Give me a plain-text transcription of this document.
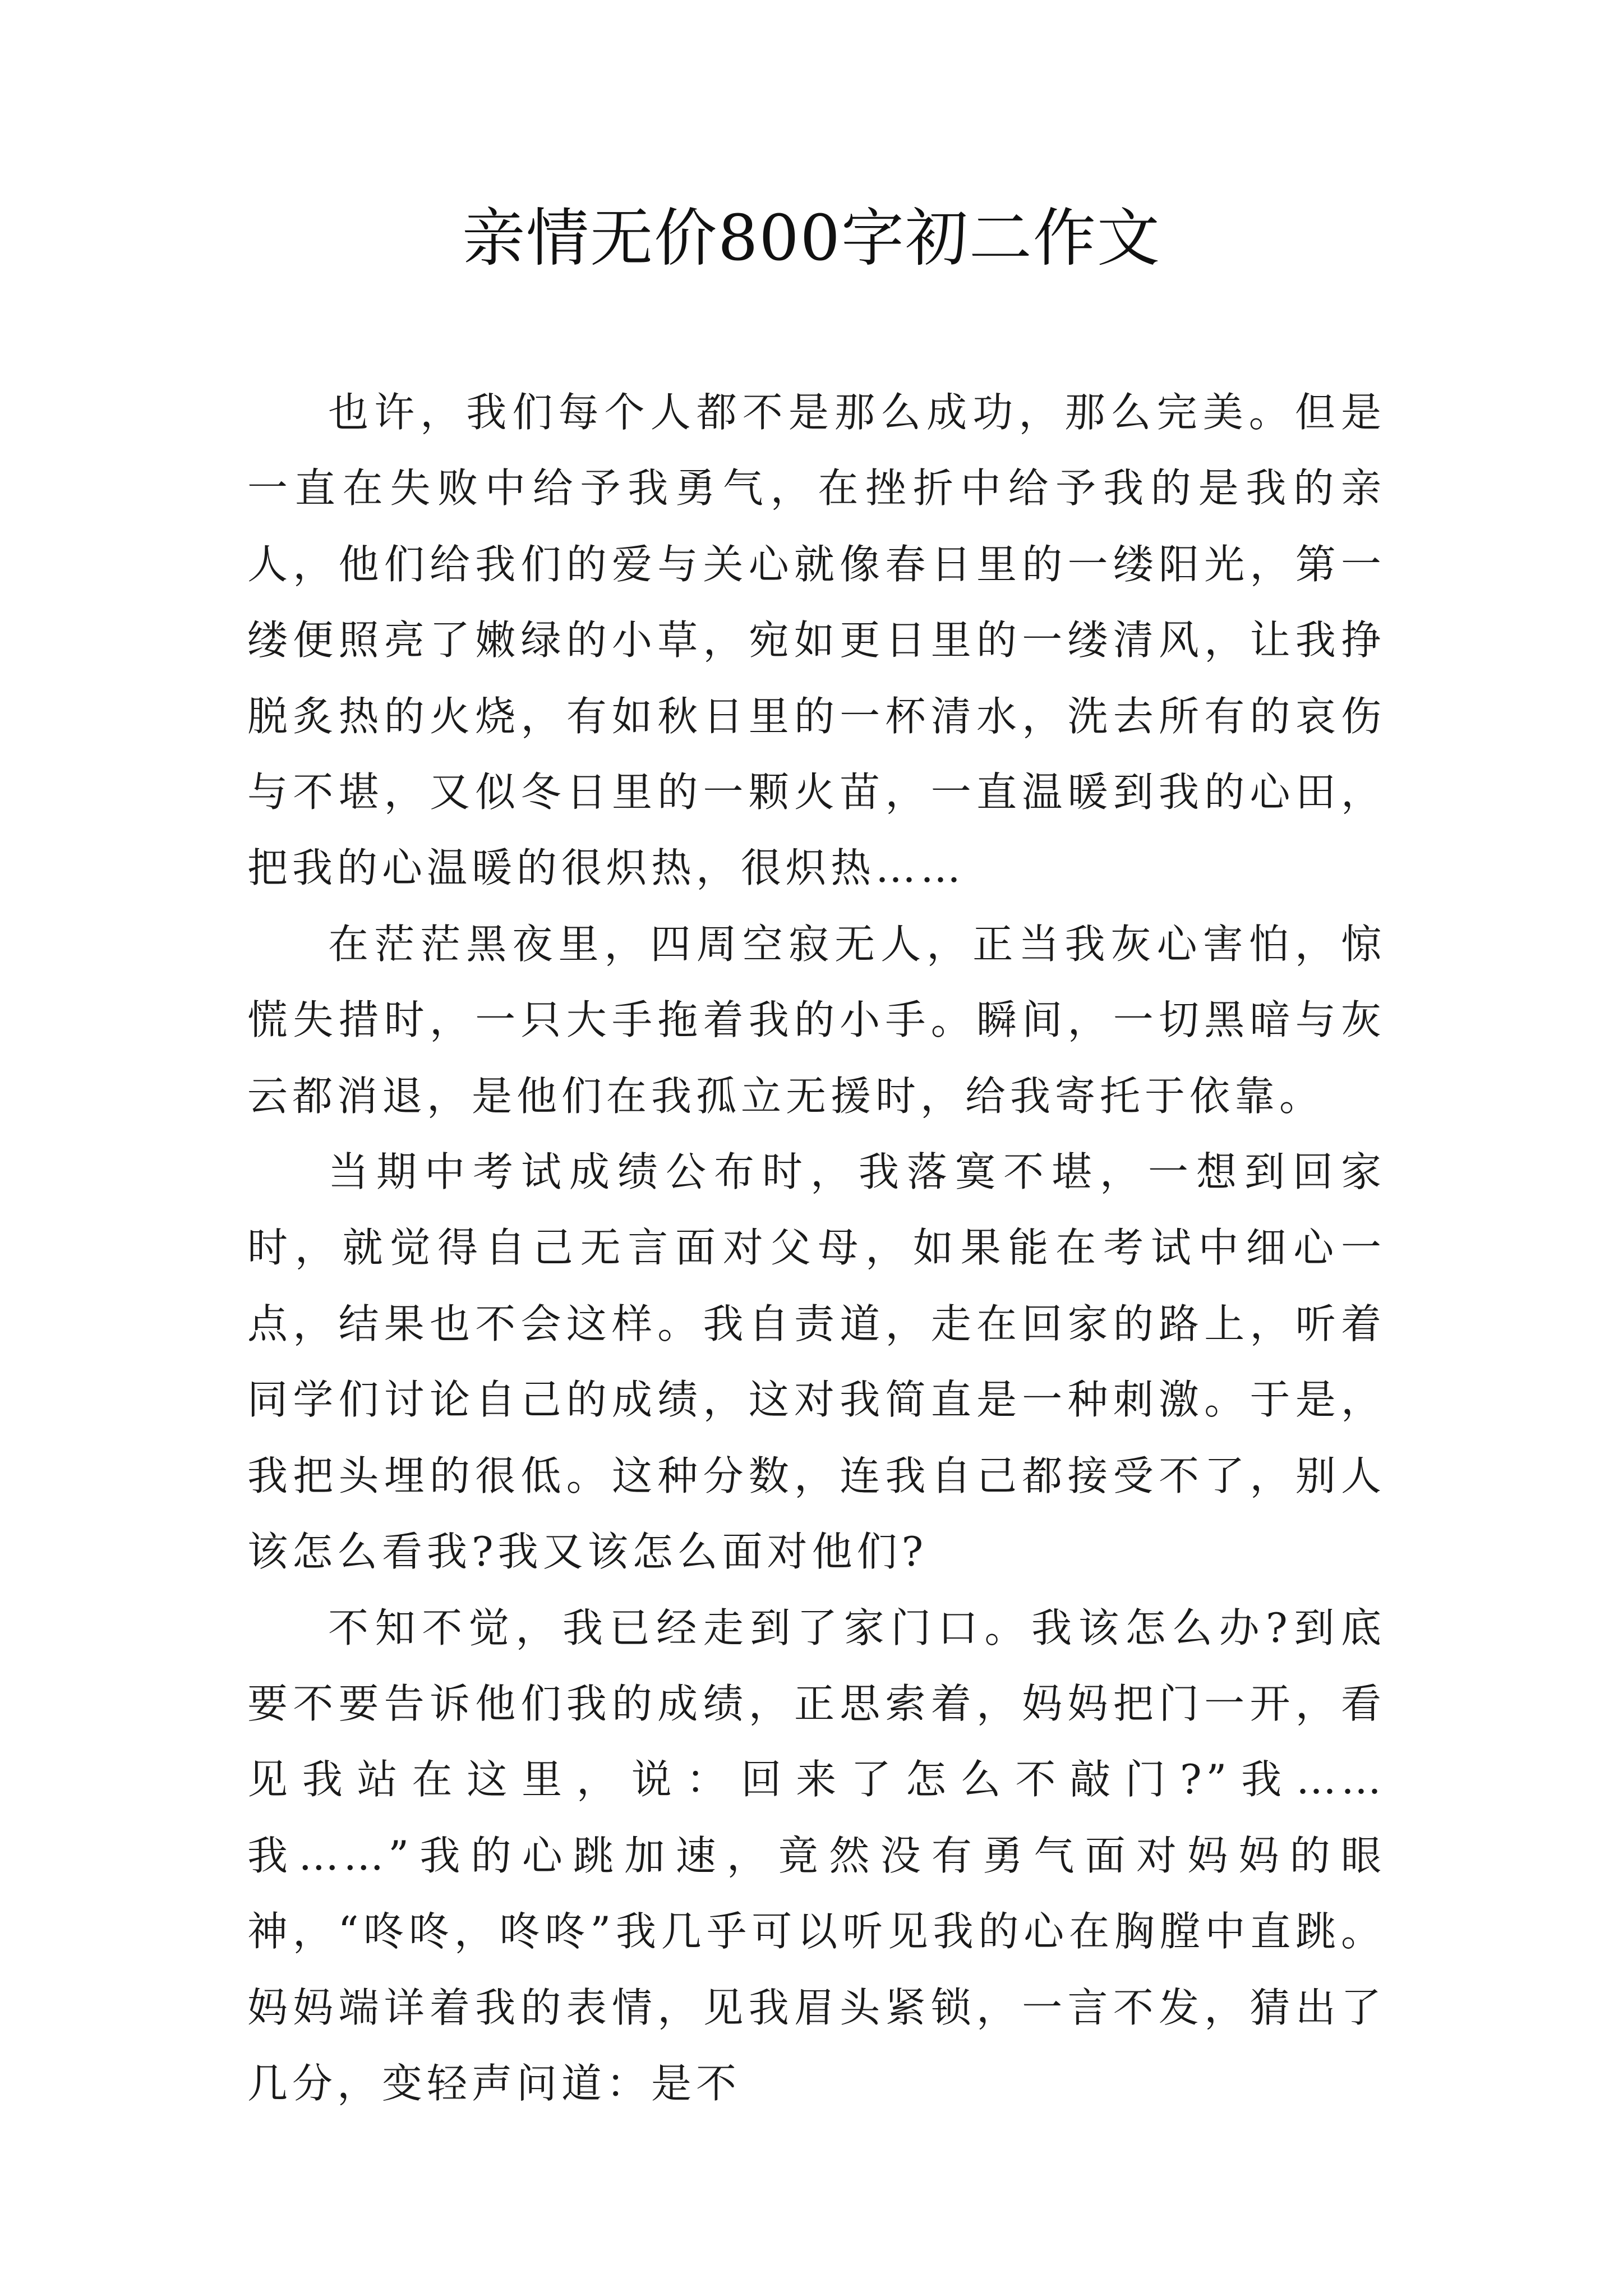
亲情无价800字初二作文

也许，我们每个人都不是那么成功，那么完美。但是一直在失败中给予我勇气，在挫折中给予我的是我的亲人，他们给我们的爱与关心就像春日里的一缕阳光，第一缕便照亮了嫩绿的小草，宛如更日里的一缕清风，让我挣脱炙热的火烧，有如秋日里的一杯清水，洗去所有的哀伤与不堪，又似冬日里的一颗火苗，一直温暖到我的心田，把我的心温暖的很炽热，很炽热……

在茫茫黑夜里，四周空寂无人，正当我灰心害怕，惊慌失措时，一只大手拖着我的小手。瞬间，一切黑暗与灰云都消退，是他们在我孤立无援时，给我寄托于依靠。

当期中考试成绩公布时，我落寞不堪，一想到回家时，就觉得自己无言面对父母，如果能在考试中细心一点，结果也不会这样。我自责道，走在回家的路上，听着同学们讨论自己的成绩，这对我简直是一种刺激。于是，我把头埋的很低。这种分数，连我自己都接受不了，别人该怎么看我?我又该怎么面对他们?

不知不觉，我已经走到了家门口。我该怎么办?到底要不要告诉他们我的成绩，正思索着，妈妈把门一开，看见我站在这里，说：回来了怎么不敲门?”我……我……”我的心跳加速，竟然没有勇气面对妈妈的眼神，“咚咚，咚咚”我几乎可以听见我的心在胸膛中直跳。妈妈端详着我的表情，见我眉头紧锁，一言不发，猜出了几分，变轻声问道：是不
